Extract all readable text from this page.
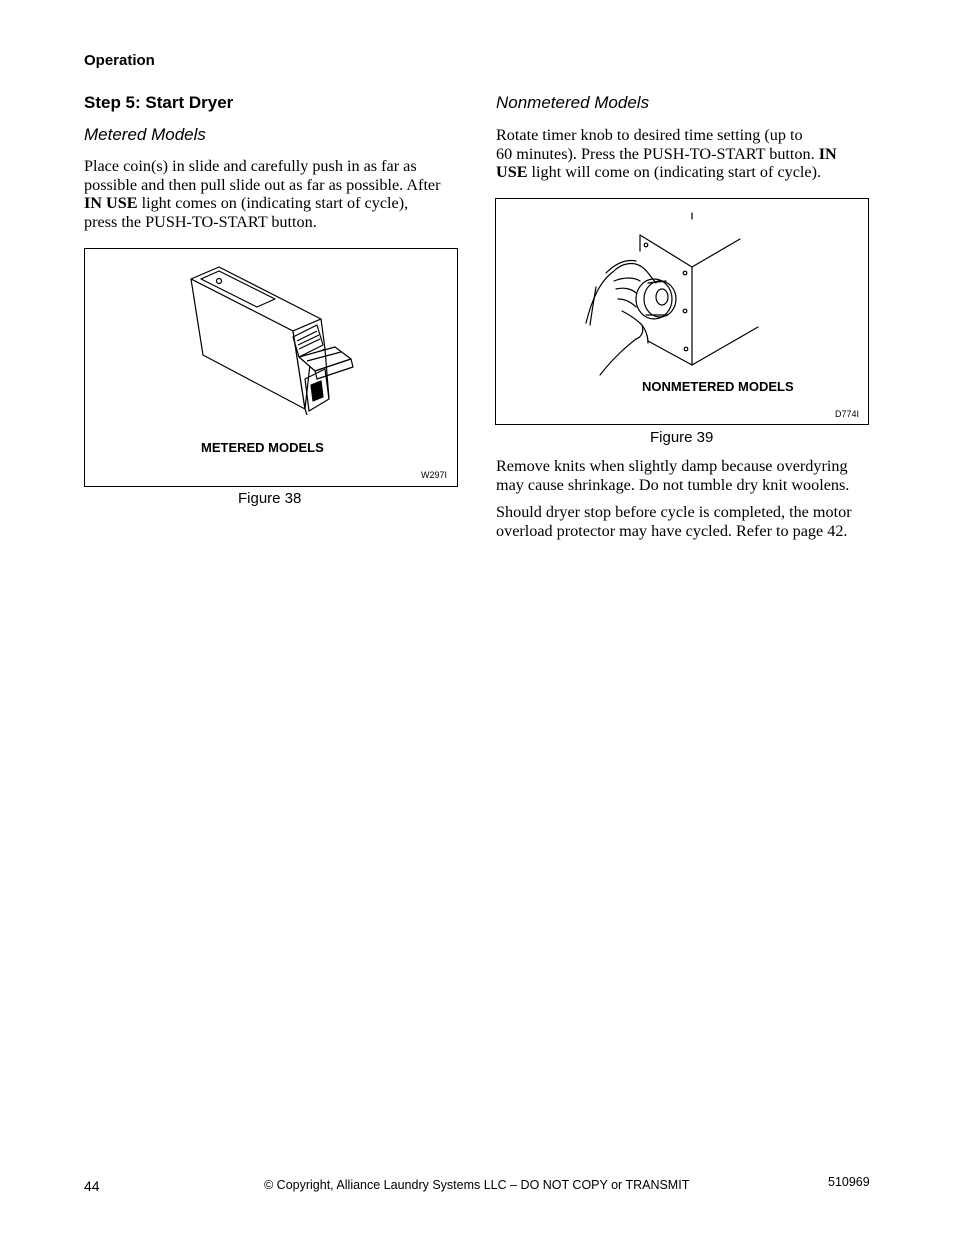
Operation
Step 5: Start Dryer
Metered Models
Place coin(s) in slide and carefully push in as far as
possible and then pull slide out as far as possible. After
IN USE light comes on (indicating start of cycle),
press the PUSH-TO-START button.
METERED MODELS
W297I
Figure 38
Nonmetered Models
Rotate timer knob to desired time setting (up to
60 minutes). Press the PUSH-TO-START button. IN
USE light will come on (indicating start of cycle).
NONMETERED MODELS
D774I
Figure 39
Remove knits when slightly damp because overdyring
may cause shrinkage. Do not tumble dry knit woolens.
Should dryer stop before cycle is completed, the motor
overload protector may have cycled. Refer to page 42.
44	© Copyright, Alliance Laundry Systems LLC – DO NOT COPY or TRANSMIT	510969
